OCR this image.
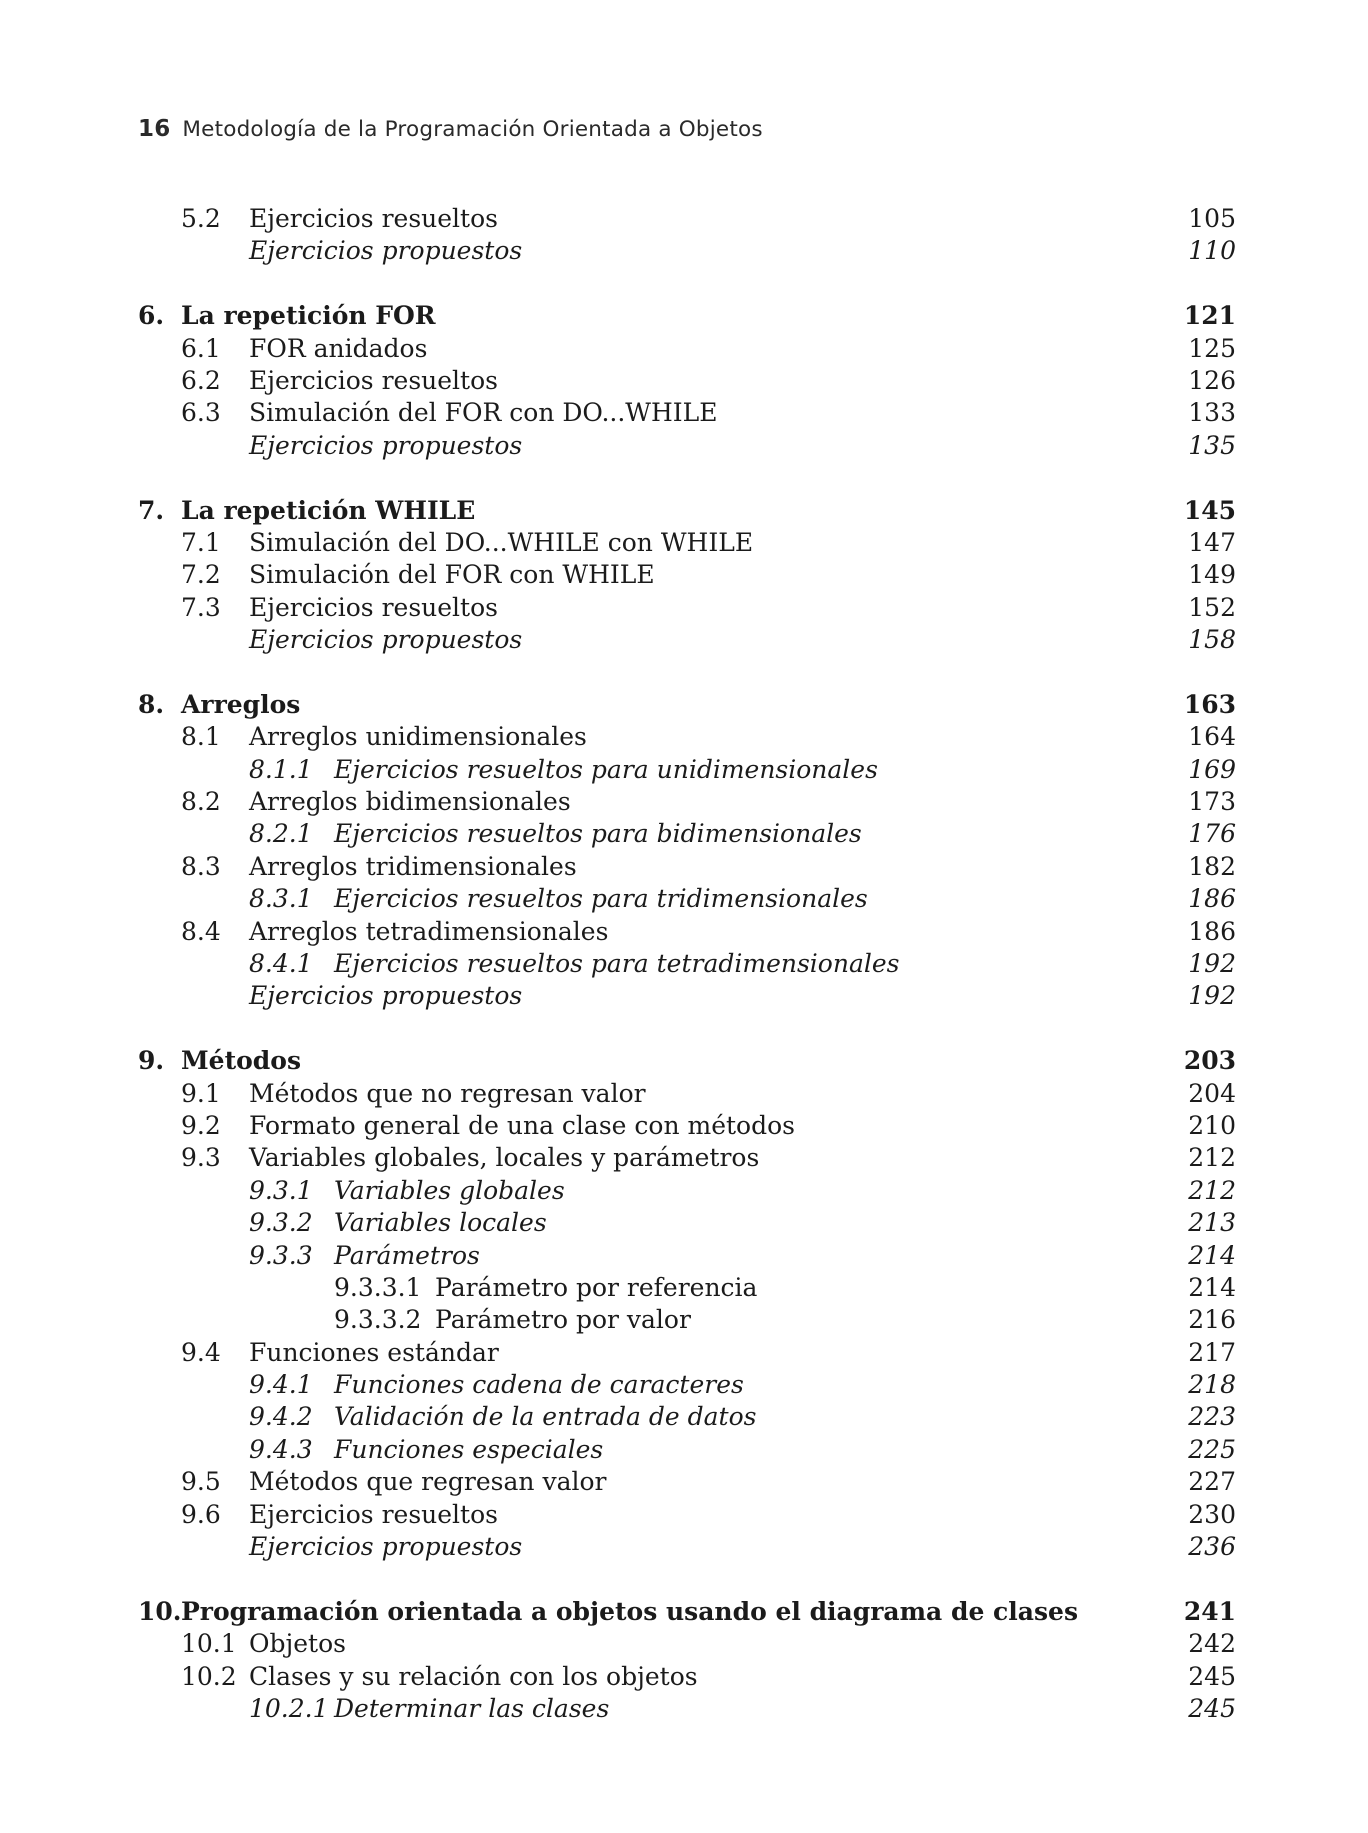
16 Metodología de la Programación Orientada a Objetos
5.2 Ejercicios resueltos	105
Ejercicios propuestos	110
6. La repetición FOR	121
6.1 FOR anidados	125
6.2 Ejercicios resueltos	126
6.3 Simulación del FOR con DO...WHILE	133
Ejercicios propuestos	135
7. La repetición WHILE	145
7.1 Simulación del DO...WHILE con WHILE	147
7.2 Simulación del FOR con WHILE	149
7.3 Ejercicios resueltos	152
Ejercicios propuestos	158
8. Arreglos	163
8.1 Arreglos unidimensionales	164
8.1.1 Ejercicios resueltos para unidimensionales	169
8.2 Arreglos bidimensionales	173
8.2.1 Ejercicios resueltos para bidimensionales	176
8.3 Arreglos tridimensionales	182
8.3.1 Ejercicios resueltos para tridimensionales	186
8.4 Arreglos tetradimensionales	186
8.4.1 Ejercicios resueltos para tetradimensionales	192
Ejercicios propuestos	192
9. Métodos	203
9.1 Métodos que no regresan valor	204
9.2 Formato general de una clase con métodos	210
9.3 Variables globales, locales y parámetros	212
9.3.1 Variables globales	212
9.3.2 Variables locales	213
9.3.3 Parámetros	214
9.3.3.1 Parámetro por referencia	214
9.3.3.2 Parámetro por valor	216
9.4 Funciones estándar	217
9.4.1 Funciones cadena de caracteres	218
9.4.2 Validación de la entrada de datos	223
9.4.3 Funciones especiales	225
9.5 Métodos que regresan valor	227
9.6 Ejercicios resueltos	230
Ejercicios propuestos	236
10. Programación orientada a objetos usando el diagrama de clases	241
10.1 Objetos	242
10.2 Clases y su relación con los objetos	245
10.2.1 Determinar las clases	245
